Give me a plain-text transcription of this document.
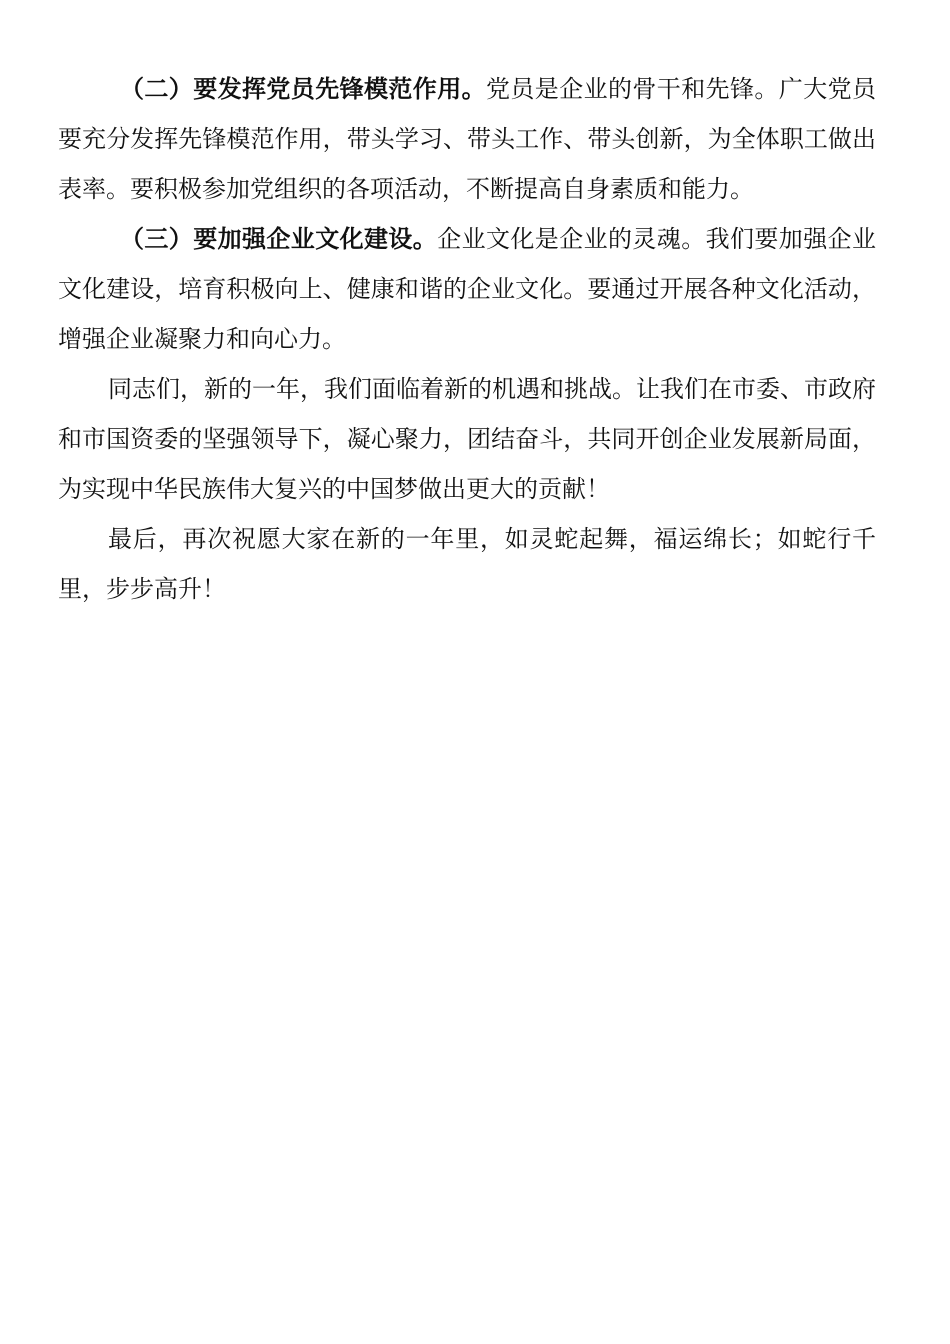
（二）要发挥党员先锋模范作用。党员是企业的骨干和先锋。广大党员要充分发挥先锋模范作用，带头学习、带头工作、带头创新，为全体职工做出表率。要积极参加党组织的各项活动，不断提高自身素质和能力。

（三）要加强企业文化建设。企业文化是企业的灵魂。我们要加强企业文化建设，培育积极向上、健康和谐的企业文化。要通过开展各种文化活动，增强企业凝聚力和向心力。

同志们，新的一年，我们面临着新的机遇和挑战。让我们在市委、市政府和市国资委的坚强领导下，凝心聚力，团结奋斗，共同开创企业发展新局面，为实现中华民族伟大复兴的中国梦做出更大的贡献！

最后，再次祝愿大家在新的一年里，如灵蛇起舞，福运绵长；如蛇行千里，步步高升！
